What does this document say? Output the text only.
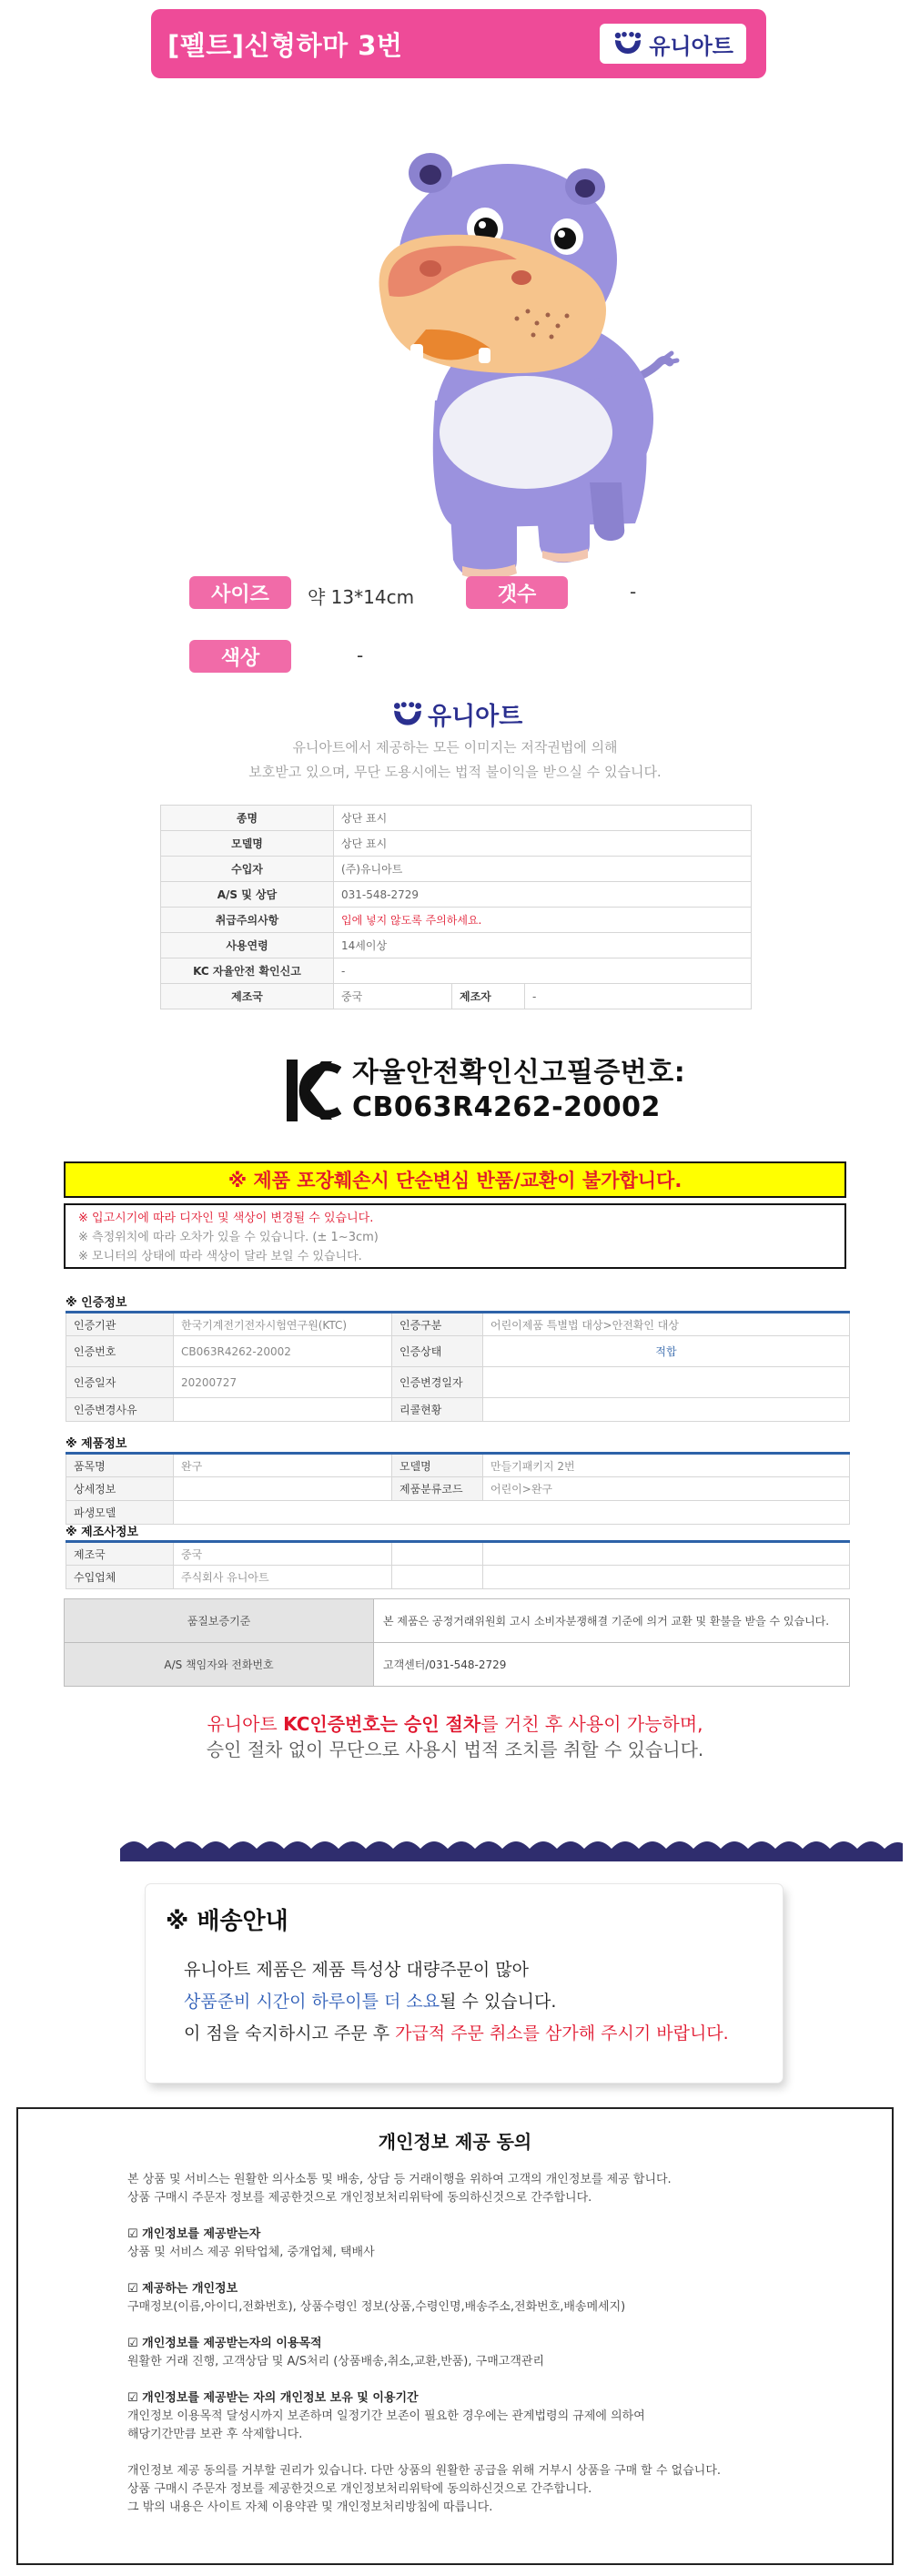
[펠트]신형하마 3번	유니아트
사이즈	약 13*14cm	갯수	-
색상	-
유니아트
유니아트에서 제공하는 모든 이미지는 저작권법에 의해
보호받고 있으며, 무단 도용시에는 법적 불이익을 받으실 수 있습니다.
종명	상단 표시		
모델명	상단 표시		
수입자	(주)유니아트		
A/S 및 상담	031-548-2729		
취급주의사항	입에 넣지 않도록 주의하세요.		
사용연령	14세이상		
KC 자율안전 확인신고	-		
제조국	중국	제조자	-
자율안전확인신고필증번호:
CB063R4262-20002
※ 제품 포장훼손시 단순변심 반품/교환이 불가합니다.
※ 입고시기에 따라 디자인 및 색상이 변경될 수 있습니다.
※ 측정위치에 따라 오차가 있을 수 있습니다. (± 1~3cm)
※ 모니터의 상태에 따라 색상이 달라 보일 수 있습니다.
※ 인증정보
인증기관	한국기계전기전자시험연구원(KTC)	인증구분	어린이제품 특별법 대상>안전확인 대상
인증번호	CB063R4262-20002	인증상태	적합
인증일자	20200727	인증변경일자	
인증변경사유		리콜현황	
※ 제품정보
품목명	완구	모델명	만들기패키지 2번
상세정보		제품분류코드	어린이>완구
파생모델			
※ 제조사정보
제조국	중국		
수입업체	주식회사 유니아트		
품질보증기준	본 제품은 공정거래위원회 고시 소비자분쟁해결 기준에 의거 교환 및 환불을 받을 수 있습니다.
A/S 책임자와 전화번호	고객센터/031-548-2729
유니아트 KC인증번호는 승인 절차를 거친 후 사용이 가능하며,
승인 절차 없이 무단으로 사용시 법적 조치를 취할 수 있습니다.
※ 배송안내
유니아트 제품은 제품 특성상 대량주문이 많아
상품준비 시간이 하루이틀 더 소요될 수 있습니다.
이 점을 숙지하시고 주문 후 가급적 주문 취소를 삼가해 주시기 바랍니다.
개인정보 제공 동의

본 상품 및 서비스는 원활한 의사소통 및 배송, 상담 등 거래이행을 위하여 고객의 개인정보를 제공 합니다.
상품 구매시 주문자 정보를 제공한것으로 개인정보처리위탁에 동의하신것으로 간주합니다.

☑ 개인정보를 제공받는자
상품 및 서비스 제공 위탁업체, 중개업체, 택배사

☑ 제공하는 개인정보
구매정보(이름,아이디,전화번호), 상품수령인 정보(상품,수령인명,배송주소,전화번호,배송메세지)

☑ 개인정보를 제공받는자의 이용목적
원활한 거래 진행, 고객상담 및 A/S처리 (상품배송,취소,교환,반품), 구매고객관리

☑ 개인정보를 제공받는 자의 개인정보 보유 및 이용기간
개인정보 이용목적 달성시까지 보존하며 일정기간 보존이 필요한 경우에는 관계법령의 규제에 의하여
해당기간만큼 보관 후 삭제합니다.

개인정보 제공 동의를 거부할 권리가 있습니다. 다만 상품의 원활한 공급을 위해 거부시 상품을 구매 할 수 없습니다.
상품 구매시 주문자 정보를 제공한것으로 개인정보처리위탁에 동의하신것으로 간주합니다.
그 밖의 내용은 사이트 자체 이용약관 및 개인정보처리방침에 따릅니다.
